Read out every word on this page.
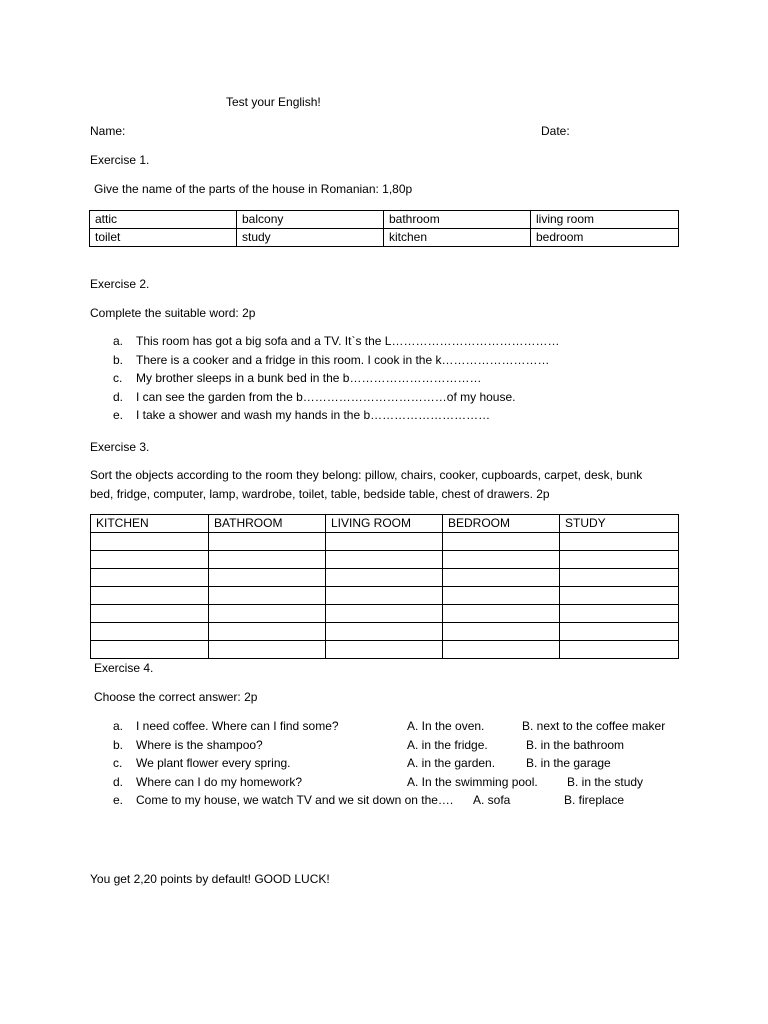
Test your English!
Name:	Date:
Exercise 1.
Give the name of the parts of the house in Romanian: 1,80p
attic	balcony	bathroom	living room
toilet	study	kitchen	bedroom
Exercise 2.
Complete the suitable word: 2p
a.	This room has got a big sofa and a TV. It`s the L……………………………………
b.	There is a cooker and a fridge in this room. I cook in the k………………………
c.	My brother sleeps in a bunk bed in the b……………………………
d.	I can see the garden from the b………………………………of my house.
e.	I take a shower and wash my hands in the b…………………………
Exercise 3.
Sort the objects according to the room they belong: pillow, chairs, cooker, cupboards, carpet, desk, bunk
bed, fridge, computer, lamp, wardrobe, toilet, table, bedside table, chest of drawers. 2p
KITCHEN	BATHROOM	LIVING ROOM	BEDROOM	STUDY

Exercise 4.
Choose the correct answer: 2p
a.	I need coffee. Where can I find some?	A. In the oven.	B. next to the coffee maker
b.	Where is the shampoo?	A. in the fridge.	B. in the bathroom
c.	We plant flower every spring.	A. in the garden.	B. in the garage
d.	Where can I do my homework?	A. In the swimming pool. B. in the study
e.	Come to my house, we watch TV and we sit down on the…. A. sofa	B. fireplace
You get 2,20 points by default! GOOD LUCK!
